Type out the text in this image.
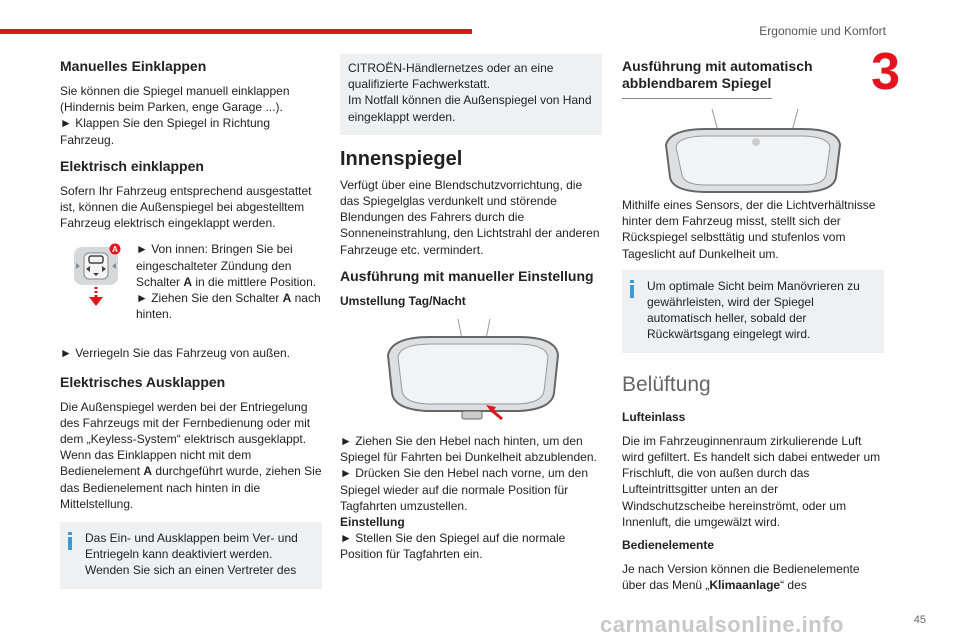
Ergonomie und Komfort
3
Manuelles Einklappen

Sie können die Spiegel manuell einklappen (Hindernis beim Parken, enge Garage ...).

► Klappen Sie den Spiegel in Richtung Fahrzeug.

Elektrisch einklappen

Sofern Ihr Fahrzeug entsprechend ausgestattet ist, können die Außenspiegel bei abgestelltem Fahrzeug elektrisch eingeklappt werden.

A ► Von innen: Bringen Sie bei eingeschalteter Zündung den Schalter A in die mittlere Position.

► Ziehen Sie den Schalter A nach hinten.

► Verriegeln Sie das Fahrzeug von außen.

Elektrisches Ausklappen

Die Außenspiegel werden bei der Entriegelung des Fahrzeugs mit der Fernbedienung oder mit dem „Keyless-System“ elektrisch ausgeklappt. Wenn das Einklappen nicht mit dem Bedienelement A durchgeführt wurde, ziehen Sie das Bedienelement nach hinten in die Mittelstellung.

Das Ein- und Ausklappen beim Ver- und Entriegeln kann deaktiviert werden. Wenden Sie sich an einen Vertreter des
CITROËN-Händlernetzes oder an eine qualifizierte Fachwerkstatt.
Im Notfall können die Außenspiegel von Hand eingeklappt werden.
Innenspiegel

Verfügt über eine Blendschutzvorrichtung, die das Spiegelglas verdunkelt und störende Blendungen des Fahrers durch die Sonneneinstrahlung, den Lichtstrahl der anderen Fahrzeuge etc. vermindert.

Ausführung mit manueller Einstellung
Umstellung Tag/Nacht

► Ziehen Sie den Hebel nach hinten, um den Spiegel für Fahrten bei Dunkelheit abzublenden.

► Drücken Sie den Hebel nach vorne, um den Spiegel wieder auf die normale Position für Tagfahrten umzustellen.

Einstellung

► Stellen Sie den Spiegel auf die normale Position für Tagfahrten ein.

Ausführung mit automatisch abblendbarem Spiegel

Mithilfe eines Sensors, der die Lichtverhältnisse hinter dem Fahrzeug misst, stellt sich der Rückspiegel selbsttätig und stufenlos vom Tageslicht auf Dunkelheit um.

Um optimale Sicht beim Manövrieren zu gewährleisten, wird der Spiegel automatisch heller, sobald der Rückwärtsgang eingelegt wird.
Belüftung
Lufteinlass

Die im Fahrzeuginnenraum zirkulierende Luft wird gefiltert. Es handelt sich dabei entweder um Frischluft, die von außen durch das Lufteintrittsgitter unten an der Windschutzscheibe hereinströmt, oder um Innenluft, die umgewälzt wird.

Bedienelemente

Je nach Version können die Bedienelemente über das Menü „Klimaanlage“ des

carmanualsonline.info	45
